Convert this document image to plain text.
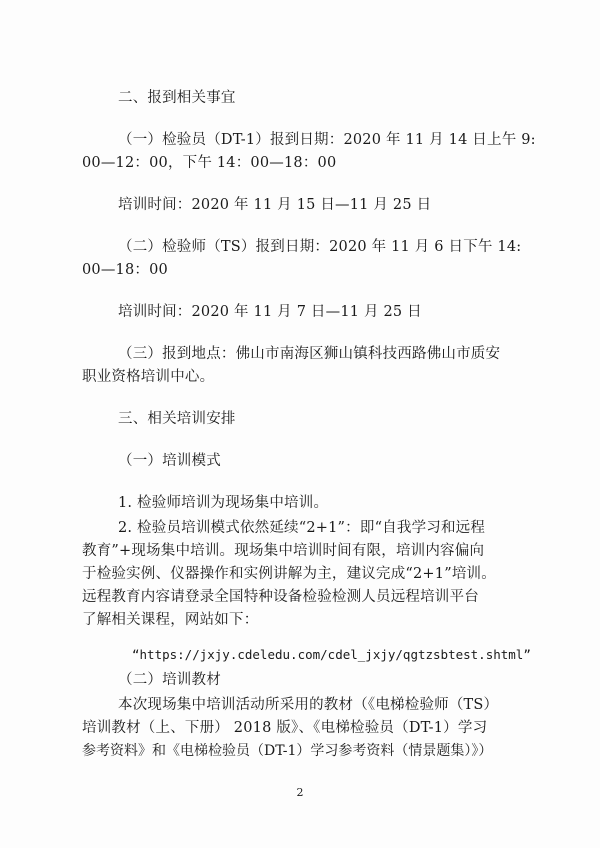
二、报到相关事宜
（一）检验员（DT-1）报到日期：2020 年 11 月 14 日上午 9:
00—12：00，下午 14：00—18：00
培训时间：2020 年 11 月 15 日—11 月 25 日
（二）检验师（TS）报到日期：2020 年 11 月 6 日下午 14:
00—18：00
培训时间：2020 年 11 月 7 日—11 月 25 日
（三）报到地点：佛山市南海区狮山镇科技西路佛山市质安
职业资格培训中心。
三、相关培训安排
（一）培训模式
1. 检验师培训为现场集中培训。
2. 检验员培训模式依然延续“2+1”：即“自我学习和远程
教育”+现场集中培训。现场集中培训时间有限，培训内容偏向
于检验实例、仪器操作和实例讲解为主，建议完成“2+1”培训。
远程教育内容请登录全国特种设备检验检测人员远程培训平台
了解相关课程，网站如下：
“https://jxjy.cdeledu.com/cdel_jxjy/qgtzsbtest.shtml”
（二）培训教材
本次现场集中培训活动所采用的教材（《电梯检验师（TS）
培训教材（上、下册） 2018 版》、《电梯检验员（DT-1）学习
参考资料》和《电梯检验员（DT-1）学习参考资料（情景题集）》）
2
